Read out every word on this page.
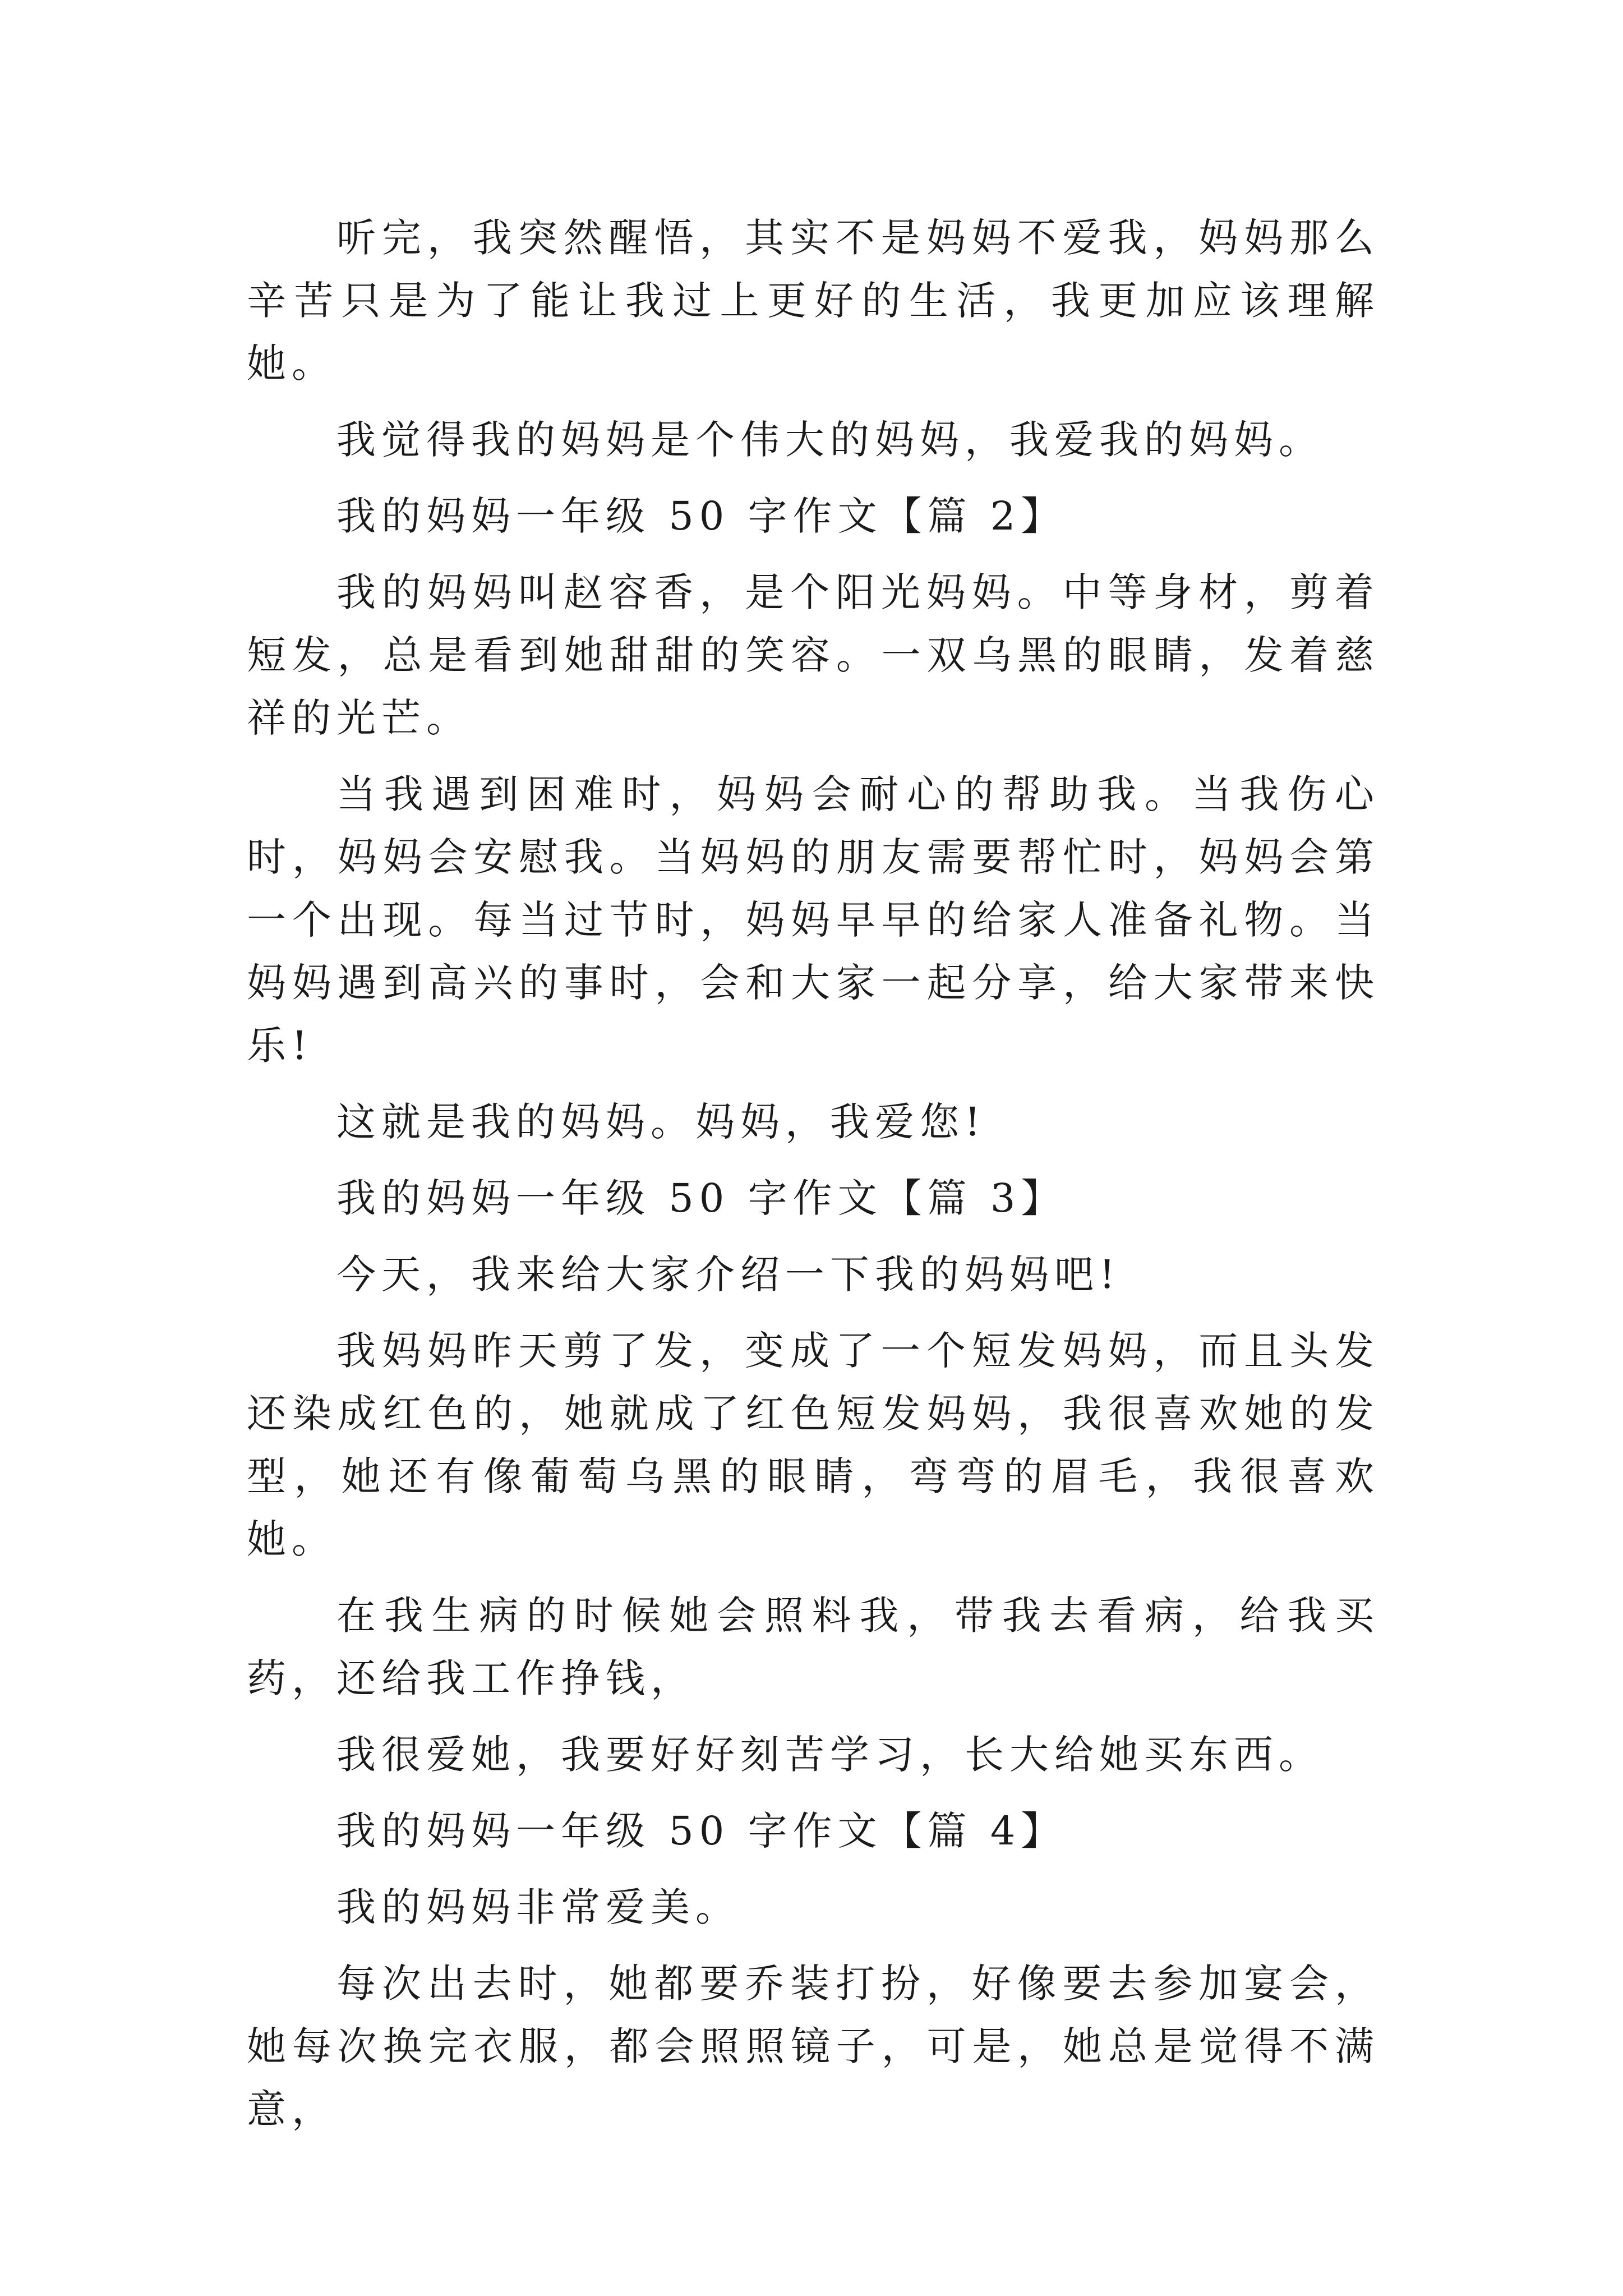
听完，我突然醒悟，其实不是妈妈不爱我，妈妈那么辛苦只是为了能让我过上更好的生活，我更加应该理解她。

我觉得我的妈妈是个伟大的妈妈，我爱我的妈妈。

我的妈妈一年级 50 字作文【篇 2】

我的妈妈叫赵容香，是个阳光妈妈。中等身材，剪着短发，总是看到她甜甜的笑容。一双乌黑的眼睛，发着慈祥的光芒。

当我遇到困难时，妈妈会耐心的帮助我。当我伤心时，妈妈会安慰我。当妈妈的朋友需要帮忙时，妈妈会第一个出现。每当过节时，妈妈早早的给家人准备礼物。当妈妈遇到高兴的事时，会和大家一起分享，给大家带来快乐!

这就是我的妈妈。妈妈，我爱您!

我的妈妈一年级 50 字作文【篇 3】

今天，我来给大家介绍一下我的妈妈吧!

我妈妈昨天剪了发，变成了一个短发妈妈，而且头发还染成红色的，她就成了红色短发妈妈，我很喜欢她的发型，她还有像葡萄乌黑的眼睛，弯弯的眉毛，我很喜欢她。

在我生病的时候她会照料我，带我去看病，给我买药，还给我工作挣钱，

我很爱她，我要好好刻苦学习，长大给她买东西。

我的妈妈一年级 50 字作文【篇 4】

我的妈妈非常爱美。

每次出去时，她都要乔装打扮，好像要去参加宴会，她每次换完衣服，都会照照镜子，可是，她总是觉得不满意，
